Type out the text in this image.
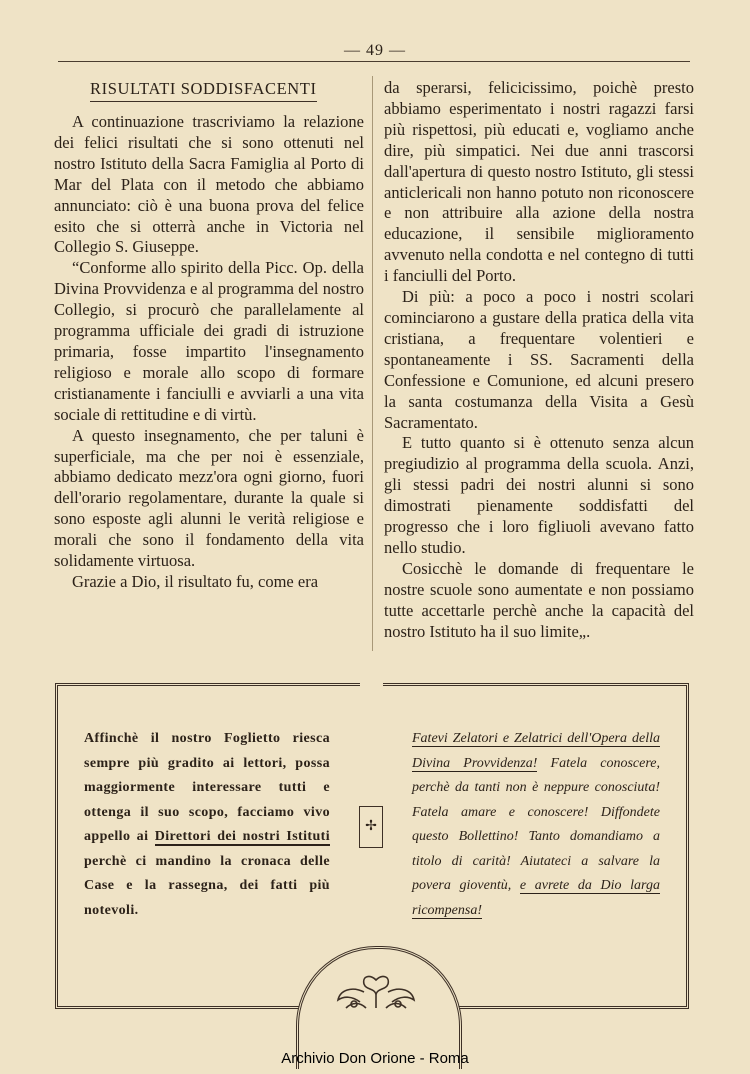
— 49 —
RISULTATI SODDISFACENTI

A continuazione trascriviamo la relazione dei felici risultati che si sono ottenuti nel nostro Istituto della Sacra Famiglia al Porto di Mar del Plata con il metodo che abbiamo annunciato: ciò è una buona prova del felice esito che si otterrà anche in Victoria nel Collegio S. Giuseppe.

“Conforme allo spirito della Picc. Op. della Divina Provvidenza e al programma del nostro Collegio, si procurò che parallelamente al programma ufficiale dei gradi di istruzione primaria, fosse impartito l'insegnamento religioso e morale allo scopo di formare cristianamente i fanciulli e avviarli a una vita sociale di rettitudine e di virtù.

A questo insegnamento, che per taluni è superficiale, ma che per noi è essenziale, abbiamo dedicato mezz'ora ogni giorno, fuori dell'orario regolamentare, durante la quale si sono esposte agli alunni le verità religiose e morali che sono il fondamento della vita solidamente virtuosa.

Grazie a Dio, il risultato fu, come era

da sperarsi, felicicissimo, poichè presto abbiamo esperimentato i nostri ragazzi farsi più rispettosi, più educati e, vogliamo anche dire, più simpatici. Nei due anni trascorsi dall'apertura di questo nostro Istituto, gli stessi anticlericali non hanno potuto non riconoscere e non attribuire alla azione della nostra educazione, il sensibile miglioramento avvenuto nella condotta e nel contegno di tutti i fanciulli del Porto.

Di più: a poco a poco i nostri scolari cominciarono a gustare della pratica della vita cristiana, a frequentare volentieri e spontaneamente i SS. Sacramenti della Confessione e Comunione, ed alcuni presero la santa costumanza della Visita a Gesù Sacramentato.

E tutto quanto si è ottenuto senza alcun pregiudizio al programma della scuola. Anzi, gli stessi padri dei nostri alunni si sono dimostrati pienamente soddisfatti del progresso che i loro figliuoli avevano fatto nello studio.

Cosicchè le domande di frequentare le nostre scuole sono aumentate e non possiamo tutte accettarle perchè anche la capacità del nostro Istituto ha il suo limite„.

✢
Affinchè il nostro Foglietto riesca sempre più gradito ai lettori, possa maggiormente interessare tutti e ottenga il suo scopo, facciamo vivo appello ai Direttori dei nostri Istituti perchè ci mandino la cronaca delle Case e la rassegna, dei fatti più notevoli.
Fatevi Zelatori e Zelatrici dell'Opera della Divina Provvidenza! Fatela conoscere, perchè da tanti non è neppure conosciuta! Fatela amare e conoscere! Diffondete questo Bollettino! Tanto domandiamo a titolo di carità! Aiutateci a salvare la povera gioventù, e avrete da Dio larga ricompensa!
Archivio Don Orione - Roma
